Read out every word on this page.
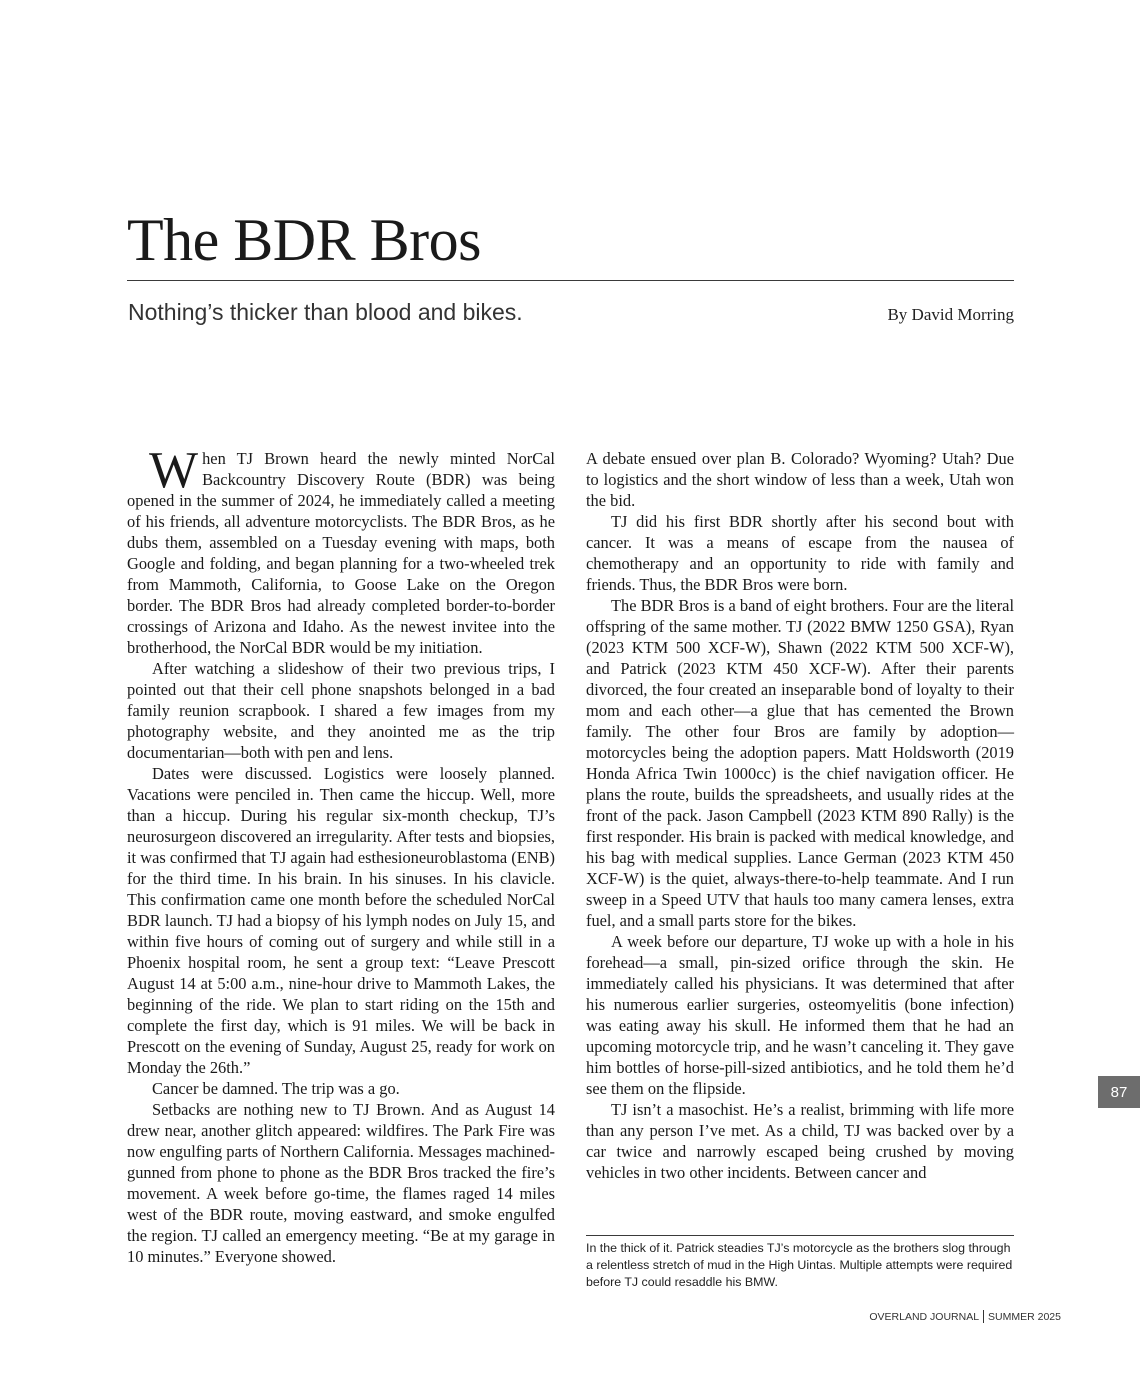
The BDR Bros
Nothing’s thicker than blood and bikes.	By David Morring

When TJ Brown heard the newly minted NorCal Backcountry Discovery Route (BDR) was being opened in the summer of 2024, he immediately called a meeting of his friends, all adventure motorcyclists. The BDR Bros, as he dubs them, assembled on a Tuesday evening with maps, both Google and folding, and began planning for a two-wheeled trek from Mammoth, California, to Goose Lake on the Oregon border. The BDR Bros had already completed border-to-border crossings of Arizona and Idaho. As the newest invitee into the brotherhood, the NorCal BDR would be my initiation.

After watching a slideshow of their two previous trips, I pointed out that their cell phone snapshots belonged in a bad family reunion scrapbook. I shared a few images from my photography website, and they anointed me as the trip documentarian—both with pen and lens.

Dates were discussed. Logistics were loosely planned. Vacations were penciled in. Then came the hiccup. Well, more than a hiccup. During his regular six-month checkup, TJ’s neurosurgeon discovered an irregularity. After tests and biopsies, it was confirmed that TJ again had esthesioneuroblastoma (ENB) for the third time. In his brain. In his sinuses. In his clavicle. This confirmation came one month before the scheduled NorCal BDR launch. TJ had a biopsy of his lymph nodes on July 15, and within five hours of coming out of surgery and while still in a Phoenix hospital room, he sent a group text: “Leave Prescott August 14 at 5:00 a.m., nine-hour drive to Mammoth Lakes, the beginning of the ride. We plan to start riding on the 15th and complete the first day, which is 91 miles. We will be back in Prescott on the evening of Sunday, August 25, ready for work on Monday the 26th.”

Cancer be damned. The trip was a go.

Setbacks are nothing new to TJ Brown. And as August 14 drew near, another glitch appeared: wildfires. The Park Fire was now engulfing parts of Northern California. Messages machined-gunned from phone to phone as the BDR Bros tracked the fire’s movement. A week before go-time, the flames raged 14 miles west of the BDR route, moving eastward, and smoke engulfed the region. TJ called an emergency meeting. “Be at my garage in 10 minutes.” Everyone showed.

A debate ensued over plan B. Colorado? Wyoming? Utah? Due to logistics and the short window of less than a week, Utah won the bid.

TJ did his first BDR shortly after his second bout with cancer. It was a means of escape from the nausea of chemotherapy and an opportunity to ride with family and friends. Thus, the BDR Bros were born.

The BDR Bros is a band of eight brothers. Four are the literal offspring of the same mother. TJ (2022 BMW 1250 GSA), Ryan (2023 KTM 500 XCF-W), Shawn (2022 KTM 500 XCF-W), and Patrick (2023 KTM 450 XCF-W). After their parents divorced, the four created an inseparable bond of loyalty to their mom and each other—a glue that has cemented the Brown family. The other four Bros are family by adoption—motorcycles being the adoption papers. Matt Holdsworth (2019 Honda Africa Twin 1000cc) is the chief navigation officer. He plans the route, builds the spreadsheets, and usually rides at the front of the pack. Jason Campbell (2023 KTM 890 Rally) is the first responder. His brain is packed with medical knowledge, and his bag with medical supplies. Lance German (2023 KTM 450 XCF-W) is the quiet, always-there-to-help teammate. And I run sweep in a Speed UTV that hauls too many camera lenses, extra fuel, and a small parts store for the bikes.

A week before our departure, TJ woke up with a hole in his forehead—a small, pin-sized orifice through the skin. He immediately called his physicians. It was determined that after his numerous earlier surgeries, osteomyelitis (bone infection) was eating away his skull. He informed them that he had an upcoming motorcycle trip, and he wasn’t canceling it. They gave him bottles of horse-pill-sized antibiotics, and he told them he’d see them on the flipside.

TJ isn’t a masochist. He’s a realist, brimming with life more than any person I’ve met. As a child, TJ was backed over by a car twice and narrowly escaped being crushed by moving vehicles in two other incidents. Between cancer and

In the thick of it. Patrick steadies TJ’s motorcycle as the brothers slog through a relentless stretch of mud in the High Uintas. Multiple attempts were required before TJ could resaddle his BMW.

87
OVERLAND JOURNAL SUMMER 2025
